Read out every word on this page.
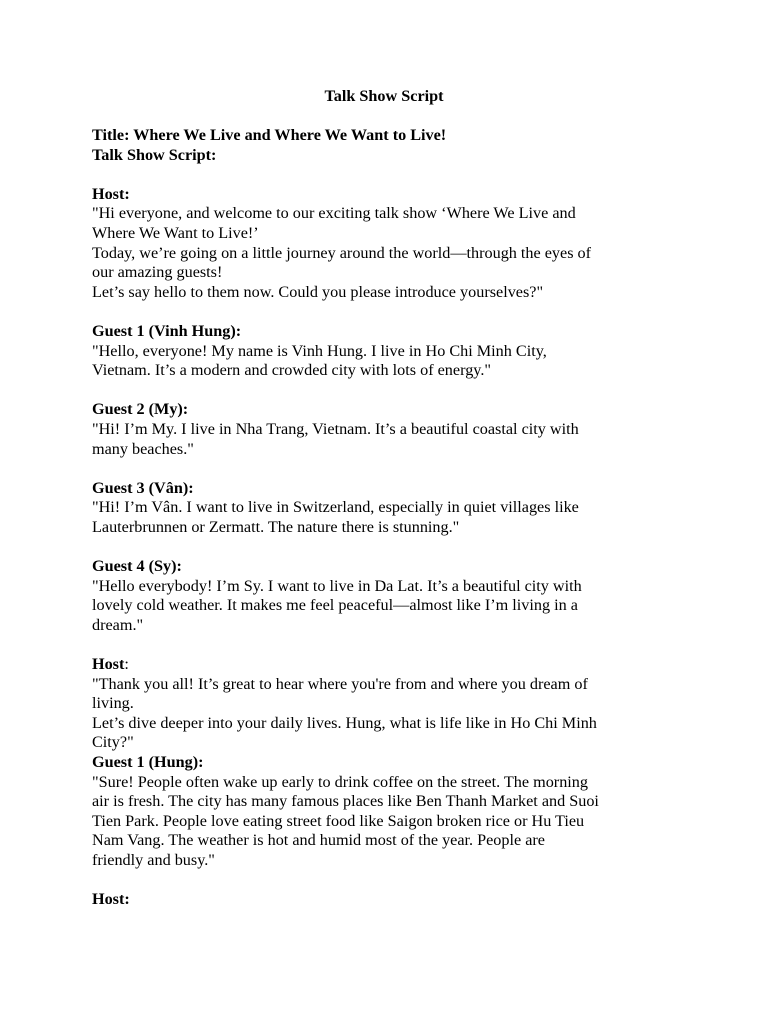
Talk Show Script
Title: Where We Live and Where We Want to Live!
Talk Show Script:
Host:
"Hi everyone, and welcome to our exciting talk show ‘Where We Live and
Where We Want to Live!’
Today, we’re going on a little journey around the world—through the eyes of
our amazing guests!
Let’s say hello to them now. Could you please introduce yourselves?"
Guest 1 (Vinh Hung):
"Hello, everyone! My name is Vinh Hung. I live in Ho Chi Minh City,
Vietnam. It’s a modern and crowded city with lots of energy."
Guest 2 (My):
"Hi! I’m My. I live in Nha Trang, Vietnam. It’s a beautiful coastal city with
many beaches."
Guest 3 (Vân):
"Hi! I’m Vân. I want to live in Switzerland, especially in quiet villages like
Lauterbrunnen or Zermatt. The nature there is stunning."
Guest 4 (Sy):
"Hello everybody! I’m Sy. I want to live in Da Lat. It’s a beautiful city with
lovely cold weather. It makes me feel peaceful—almost like I’m living in a
dream."
Host:
"Thank you all! It’s great to hear where you're from and where you dream of
living.
Let’s dive deeper into your daily lives. Hung, what is life like in Ho Chi Minh
City?"
Guest 1 (Hung):
"Sure! People often wake up early to drink coffee on the street. The morning
air is fresh. The city has many famous places like Ben Thanh Market and Suoi
Tien Park. People love eating street food like Saigon broken rice or Hu Tieu
Nam Vang. The weather is hot and humid most of the year. People are
friendly and busy."
Host:
